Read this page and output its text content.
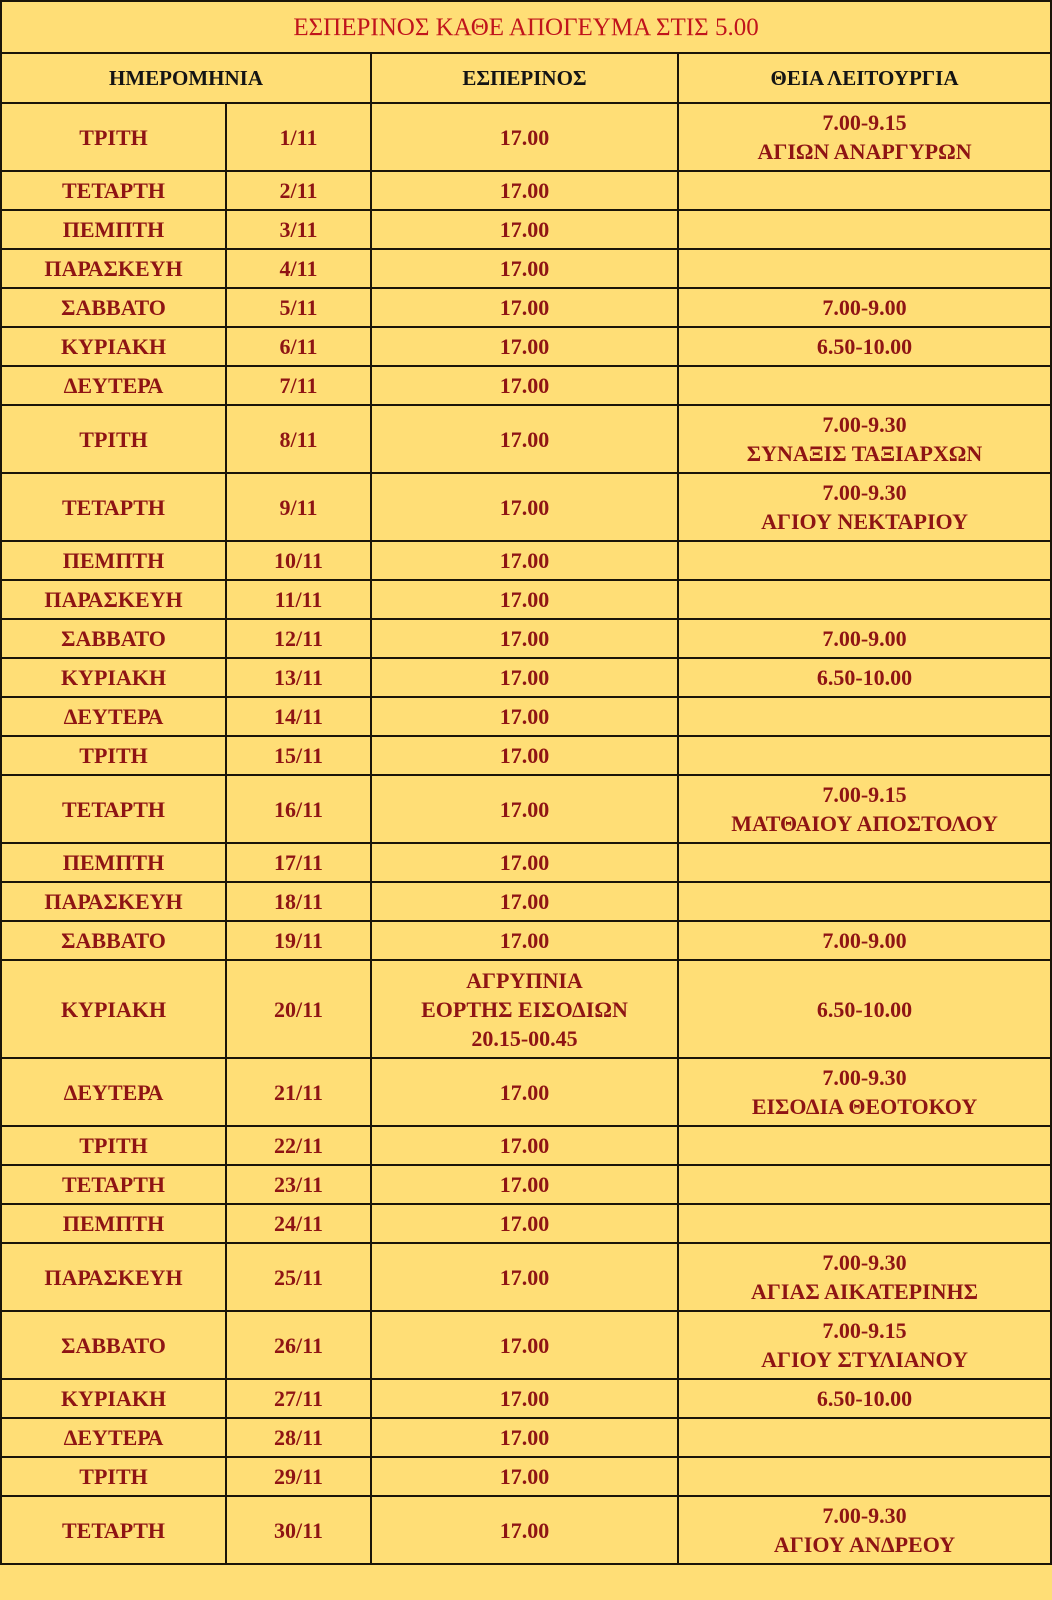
ΕΣΠΕΡΙΝΟΣ ΚΑΘΕ ΑΠΟΓΕΥΜΑ ΣΤΙΣ 5.00			
ΗΜΕΡΟΜΗΝΙΑ		ΕΣΠΕΡΙΝΟΣ	ΘΕΙΑ ΛΕΙΤΟΥΡΓΙΑ
ΤΡΙΤΗ	1/11	17.00	7.00-9.15
ΑΓΙΩΝ ΑΝΑΡΓΥΡΩΝ

ΤΕΤΑΡΤΗ	2/11	17.00	

ΠΕΜΠΤΗ	3/11	17.00	

ΠΑΡΑΣΚΕΥΗ	4/11	17.00	

ΣΑΒΒΑΤΟ	5/11	17.00	7.00-9.00

ΚΥΡΙΑΚΗ	6/11	17.00	6.50-10.00

ΔΕΥΤΕΡΑ	7/11	17.00	

ΤΡΙΤΗ	8/11	17.00	7.00-9.30
ΣΥΝΑΞΙΣ ΤΑΞΙΑΡΧΩΝ

ΤΕΤΑΡΤΗ	9/11	17.00	7.00-9.30
ΑΓΙΟΥ ΝΕΚΤΑΡΙΟΥ

ΠΕΜΠΤΗ	10/11	17.00	

ΠΑΡΑΣΚΕΥΗ	11/11	17.00	

ΣΑΒΒΑΤΟ	12/11	17.00	7.00-9.00

ΚΥΡΙΑΚΗ	13/11	17.00	6.50-10.00

ΔΕΥΤΕΡΑ	14/11	17.00	

ΤΡΙΤΗ	15/11	17.00	

ΤΕΤΑΡΤΗ	16/11	17.00	7.00-9.15
ΜΑΤΘΑΙΟΥ ΑΠΟΣΤΟΛΟΥ

ΠΕΜΠΤΗ	17/11	17.00	

ΠΑΡΑΣΚΕΥΗ	18/11	17.00	

ΣΑΒΒΑΤΟ	19/11	17.00	7.00-9.00

ΚΥΡΙΑΚΗ	20/11	ΑΓΡΥΠΝΙΑ
ΕΟΡΤΗΣ ΕΙΣΟΔΙΩΝ
20.15-00.45	6.50-10.00

ΔΕΥΤΕΡΑ	21/11	17.00	7.00-9.30
ΕΙΣΟΔΙΑ ΘΕΟΤΟΚΟΥ

ΤΡΙΤΗ	22/11	17.00	

ΤΕΤΑΡΤΗ	23/11	17.00	

ΠΕΜΠΤΗ	24/11	17.00	

ΠΑΡΑΣΚΕΥΗ	25/11	17.00	7.00-9.30
ΑΓΙΑΣ ΑΙΚΑΤΕΡΙΝΗΣ

ΣΑΒΒΑΤΟ	26/11	17.00	7.00-9.15
ΑΓΙΟΥ ΣΤΥΛΙΑΝΟΥ

ΚΥΡΙΑΚΗ	27/11	17.00	6.50-10.00

ΔΕΥΤΕΡΑ	28/11	17.00	

ΤΡΙΤΗ	29/11	17.00	

ΤΕΤΑΡΤΗ	30/11	17.00	7.00-9.30
ΑΓΙΟΥ ΑΝΔΡΕΟΥ
